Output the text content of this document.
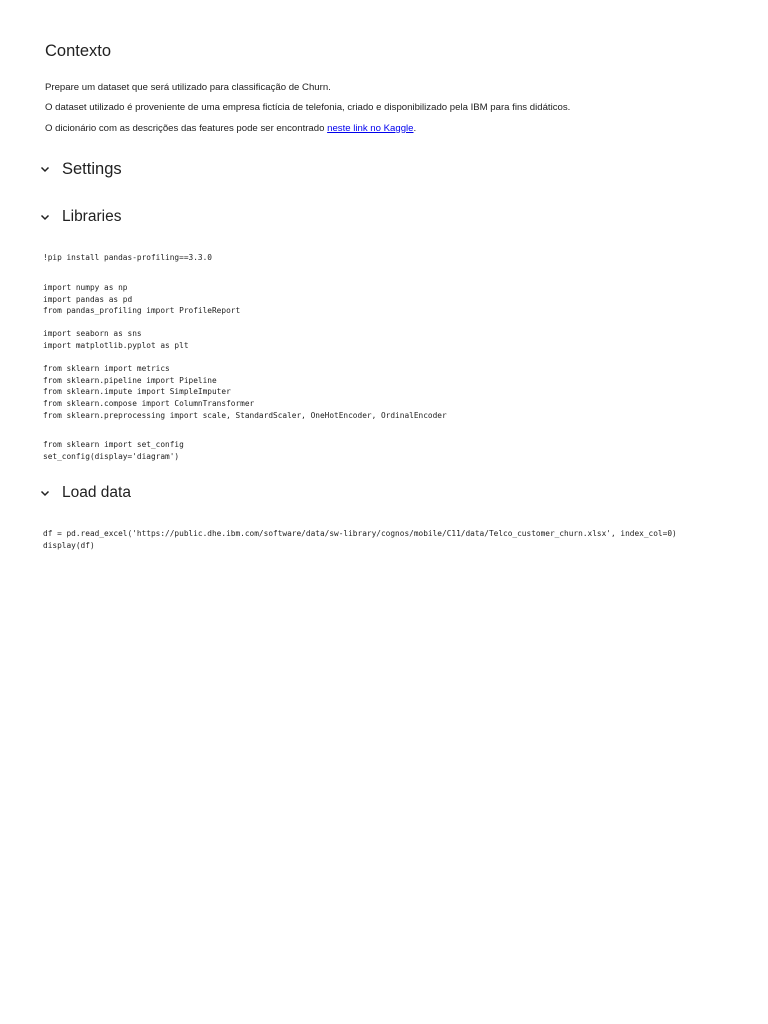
Contexto

Prepare um dataset que será utilizado para classificação de Churn.

O dataset utilizado é proveniente de uma empresa fictícia de telefonia, criado e disponibilizado pela IBM para fins didáticos.

O dicionário com as descrições das features pode ser encontrado neste link no Kaggle.

Settings
Libraries
!pip install pandas-profiling==3.3.0
import numpy as np
import pandas as pd
from pandas_profiling import ProfileReport

import seaborn as sns
import matplotlib.pyplot as plt

from sklearn import metrics
from sklearn.pipeline import Pipeline
from sklearn.impute import SimpleImputer
from sklearn.compose import ColumnTransformer
from sklearn.preprocessing import scale, StandardScaler, OneHotEncoder, OrdinalEncoder
from sklearn import set_config
set_config(display='diagram')
Load data
df = pd.read_excel('https://public.dhe.ibm.com/software/data/sw-library/cognos/mobile/C11/data/Telco_customer_churn.xlsx', index_col=0)
display(df)
